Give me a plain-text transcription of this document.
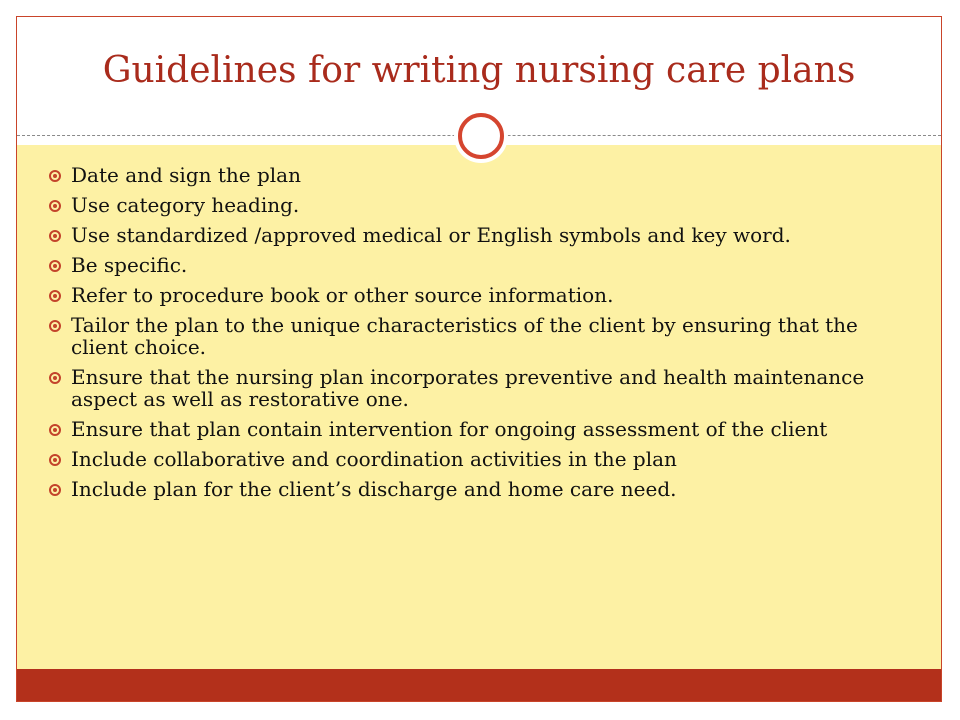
Guidelines for writing nursing care plans
Date and sign the plan
Use category heading.
Use standardized /approved medical or English symbols and key word.
Be specific.
Refer to procedure book or other source information.
Tailor the plan to the unique characteristics of the client by ensuring that the client choice.
Ensure that the nursing plan incorporates preventive and health maintenance aspect as well as restorative one.
Ensure that plan contain intervention for ongoing assessment of the client
Include collaborative and coordination activities in the plan
Include plan for the client’s discharge and home care need.
